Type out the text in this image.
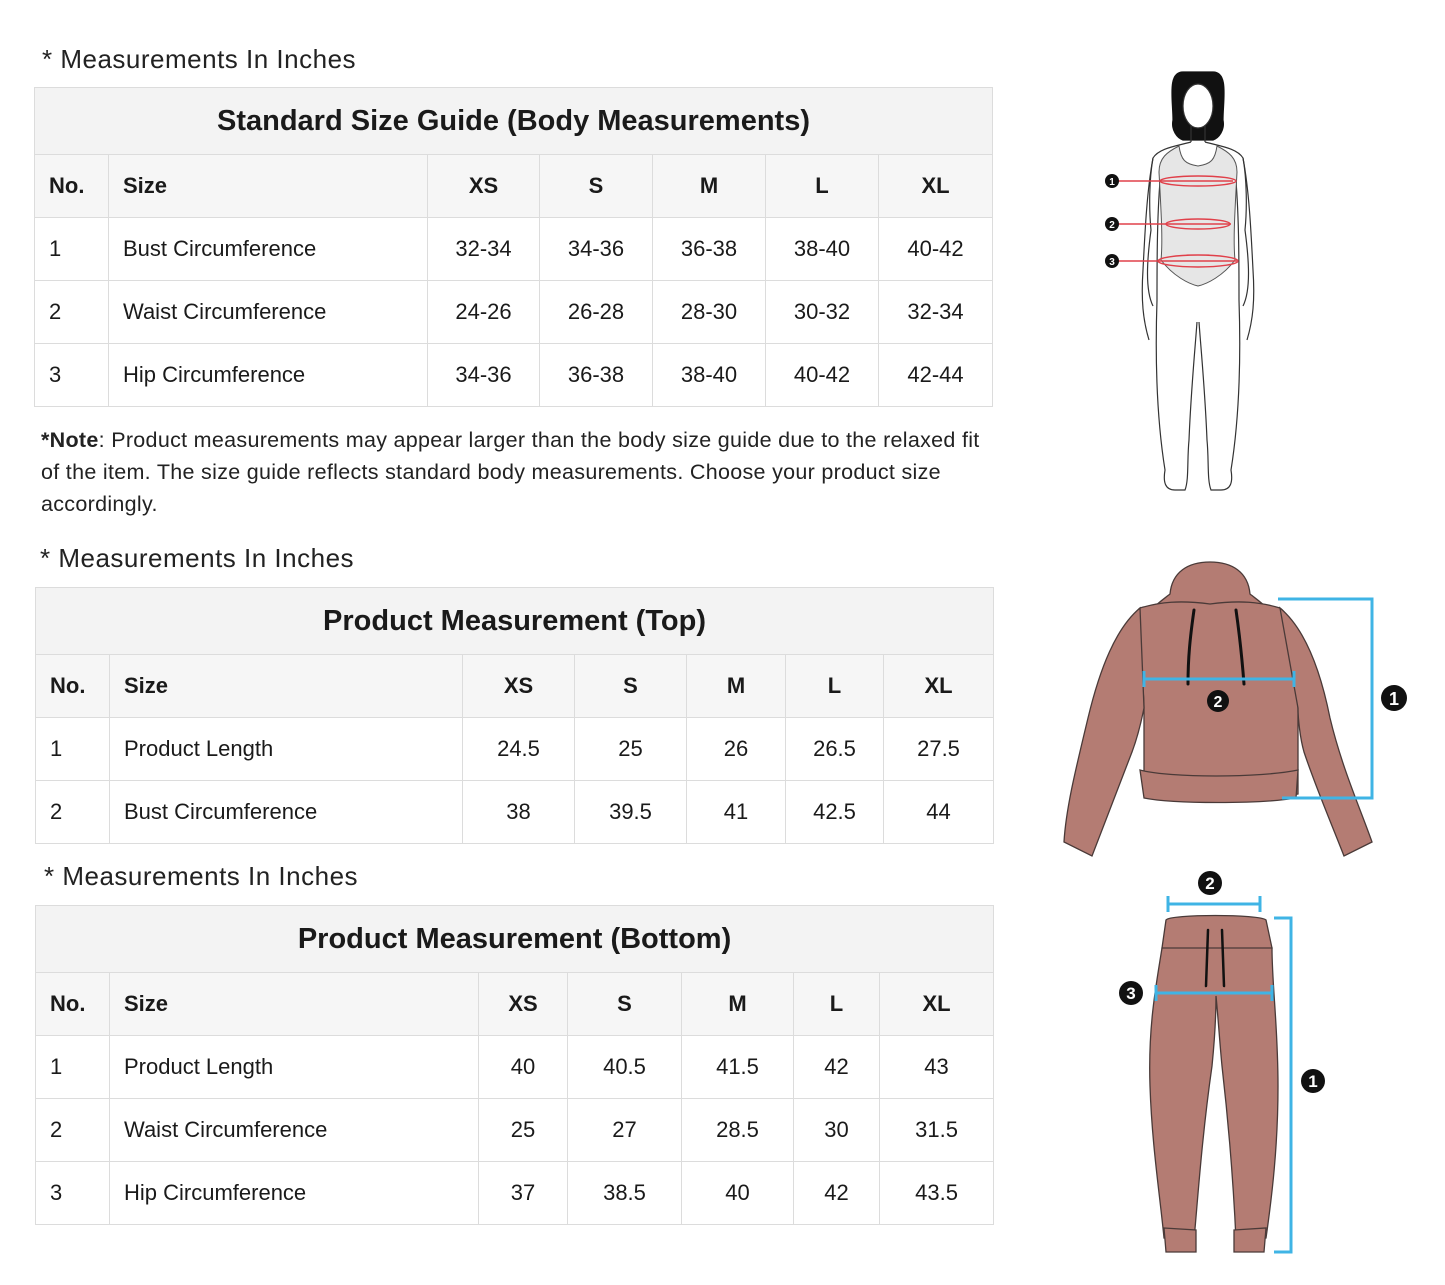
* Measurements In Inches
Standard Size Guide (Body Measurements)						
No.	Size	XS	S	M	L	XL
1	Bust Circumference	32-34	34-36	36-38	38-40	40-42
2	Waist Circumference	24-26	26-28	28-30	30-32	32-34
3	Hip Circumference	34-36	36-38	38-40	40-42	42-44
*Note: Product measurements may appear larger than the body size guide due to the relaxed fit of the item. The size guide reflects standard body measurements. Choose your product size accordingly.
* Measurements In Inches
Product Measurement (Top)						
No.	Size	XS	S	M	L	XL
1	Product Length	24.5	25	26	26.5	27.5
2	Bust Circumference	38	39.5	41	42.5	44
* Measurements In Inches
Product Measurement (Bottom)						
No.	Size	XS	S	M	L	XL
1	Product Length	40	40.5	41.5	42	43
2	Waist Circumference	25	27	28.5	30	31.5
3	Hip Circumference	37	38.5	40	42	43.5
1
2
3
1
2
1
2
3
